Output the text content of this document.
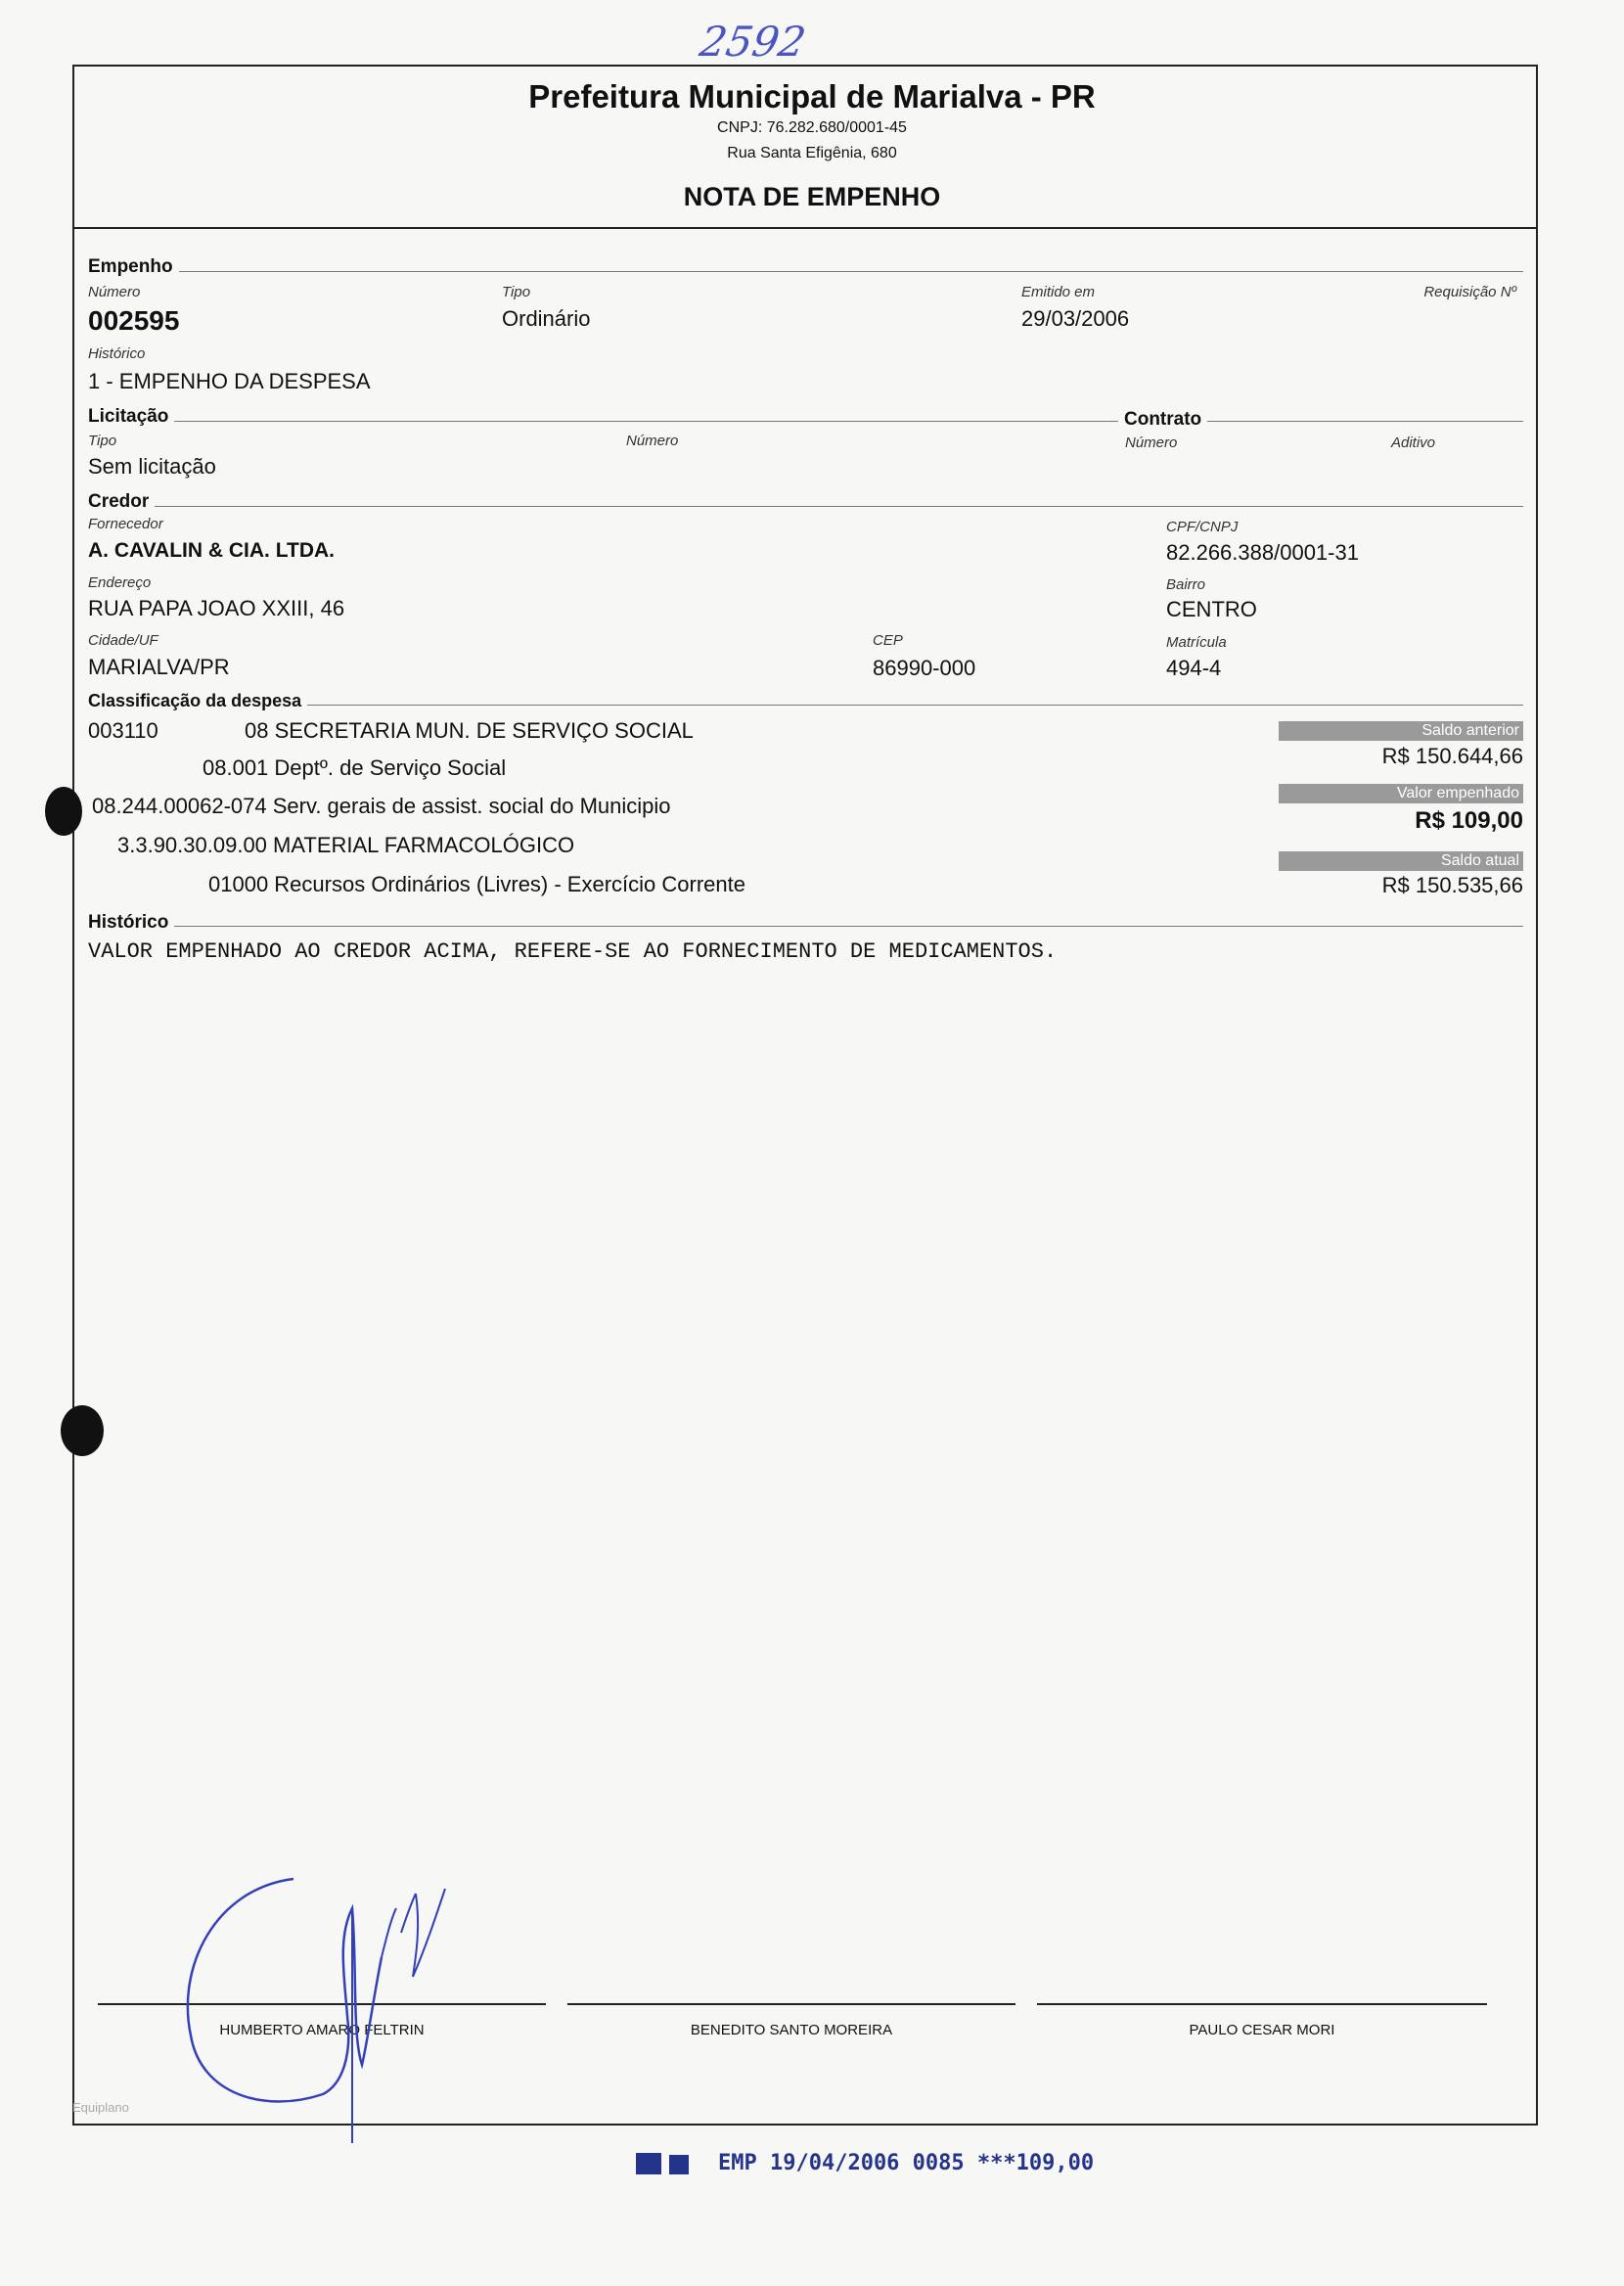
2592
Prefeitura Municipal de Marialva - PR
CNPJ: 76.282.680/0001-45
Rua Santa Efigênia, 680
NOTA DE EMPENHO
Empenho
Número
002595
Tipo
Ordinário
Emitido em
29/03/2006
Requisição Nº
Histórico
1 - EMPENHO DA DESPESA
Licitação
Tipo
Sem licitação
Número
Contrato
Número	Aditivo
Credor
Fornecedor
A. CAVALIN & CIA. LTDA.
CPF/CNPJ
82.266.388/0001-31
Endereço
RUA PAPA JOAO XXIII, 46
Bairro
CENTRO
Cidade/UF
MARIALVA/PR
CEP
86990-000
Matrícula
494-4
Classificação da despesa
003110	08 SECRETARIA MUN. DE SERVIÇO SOCIAL
08.001 Deptº. de Serviço Social
08.244.00062-074 Serv. gerais de assist. social do Municipio
3.3.90.30.09.00 MATERIAL FARMACOLÓGICO
01000 Recursos Ordinários (Livres) - Exercício Corrente
Saldo anterior
R$ 150.644,66
Valor empenhado
R$ 109,00
Saldo atual
R$ 150.535,66
Histórico
VALOR EMPENHADO AO CREDOR ACIMA, REFERE-SE AO FORNECIMENTO DE MEDICAMENTOS.
HUMBERTO AMARO FELTRIN	BENEDITO SANTO MOREIRA	PAULO CESAR MORI
Equiplano
EMP 19/04/2006 0085 ***109,00
